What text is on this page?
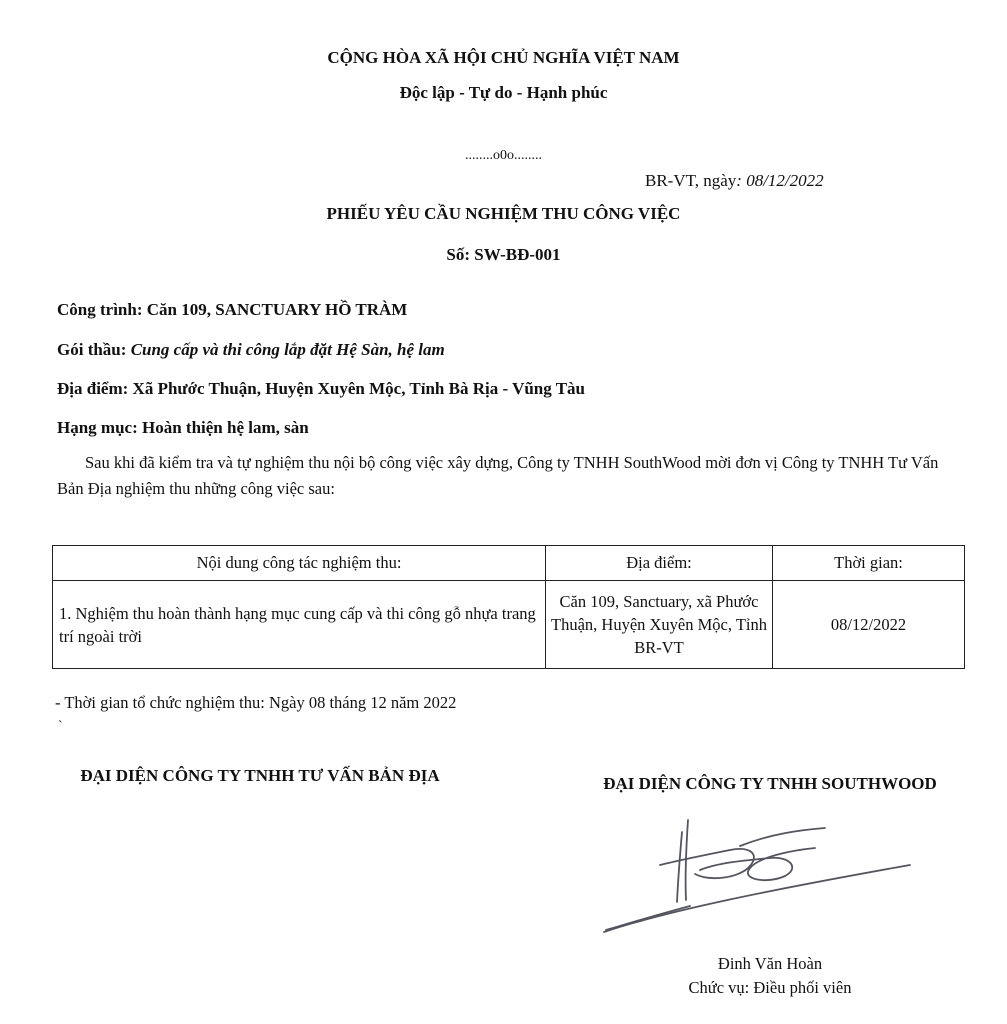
CỘNG HÒA XÃ HỘI CHỦ NGHĨA VIỆT NAM
Độc lập - Tự do - Hạnh phúc
........o0o........
BR-VT, ngày: 08/12/2022
PHIẾU YÊU CẦU NGHIỆM THU CÔNG VIỆC
Số: SW-BĐ-001
Công trình: Căn 109, SANCTUARY HỒ TRÀM
Gói thầu: Cung cấp và thi công lắp đặt Hệ Sàn, hệ lam
Địa điểm: Xã Phước Thuận, Huyện Xuyên Mộc, Tỉnh Bà Rịa - Vũng Tàu
Hạng mục: Hoàn thiện hệ lam, sàn
Sau khi đã kiểm tra và tự nghiệm thu nội bộ công việc xây dựng, Công ty TNHH SouthWood mời đơn vị Công ty TNHH Tư Vấn Bản Địa nghiệm thu những công việc sau:
Nội dung công tác nghiệm thu:	Địa điểm:	Thời gian:
1. Nghiệm thu hoàn thành hạng mục cung cấp và thi công gỗ nhựa trang trí ngoài trời	Căn 109, Sanctuary, xã Phước Thuận, Huyện Xuyên Mộc, Tỉnh BR-VT	08/12/2022
- Thời gian tổ chức nghiệm thu: Ngày 08 tháng 12 năm 2022
`
ĐẠI DIỆN CÔNG TY TNHH TƯ VẤN BẢN ĐỊA	ĐẠI DIỆN CÔNG TY TNHH SOUTHWOOD
Đinh Văn Hoàn
Chức vụ: Điều phối viên
